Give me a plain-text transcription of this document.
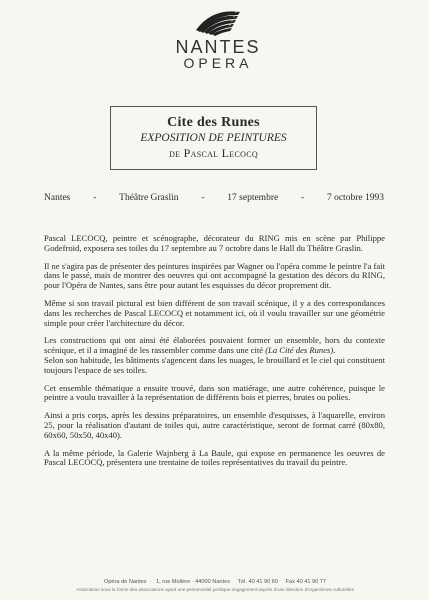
NANTES
OPERA
Cite des Runes
EXPOSITION DE PEINTURES
de Pascal Lecocq
Nantes - Théâtre Graslin - 17 septembre - 7 octobre 1993

Pascal LECOCQ, peintre et scénographe, décorateur du RING mis en scène par Philippe Godefroid, exposera ses toiles du 17 septembre au 7 octobre dans le Hall du Théâtre Graslin.

Il ne s'agira pas de présenter des peintures inspirées par Wagner ou l'opéra comme le peintre l'a fait dans le passé, mais de montrer des oeuvres qui ont accompagné la gestation des décors du RING, pour l'Opéra de Nantes, sans être pour autant les esquisses du décor proprement dit.

Même si son travail pictural est bien différent de son travail scénique, il y a des correspondances dans les recherches de Pascal LECOCQ et notamment ici, où il voulu travailler sur une géométrie simple pour créer l'architecture du décor.

Les constructions qui ont ainsi été élaborées pouvaient former un ensemble, hors du contexte scénique, et il a imaginé de les rassembler comme dans une cité (La Cité des Runes).

Selon son habitude, les bâtiments s'agencent dans les nuages, le brouillard et le ciel qui constituent toujours l'espace de ses toiles.

Cet ensemble thématique a ensuite trouvé, dans son matiérage, une autre cohérence, puisque le peintre a voulu travailler à la représentation de différents bois et pierres, brutes ou polies.

Ainsi a pris corps, après les dessins préparatoires, un ensemble d'esquisses, à l'aquarelle, environ 25, pour la réalisation d'autant de toiles qui, autre caractéristique, seront de format carré (80x80, 60x60, 50x50, 40x40).

A la même période, la Galerie Wajnberg à La Baule, qui expose en permanence les oeuvres de Pascal LECOCQ, présentera une trentaine de toiles représentatives du travail du peintre.

Opéra de Nantes · 1, rue Molière · 44000 Nantes Tél. 40 41 90 60 Fax 40 41 90 77
Association sous la forme des associations ayant une personnalité juridique engagement auprès d'une direction d'organismes culturelles
